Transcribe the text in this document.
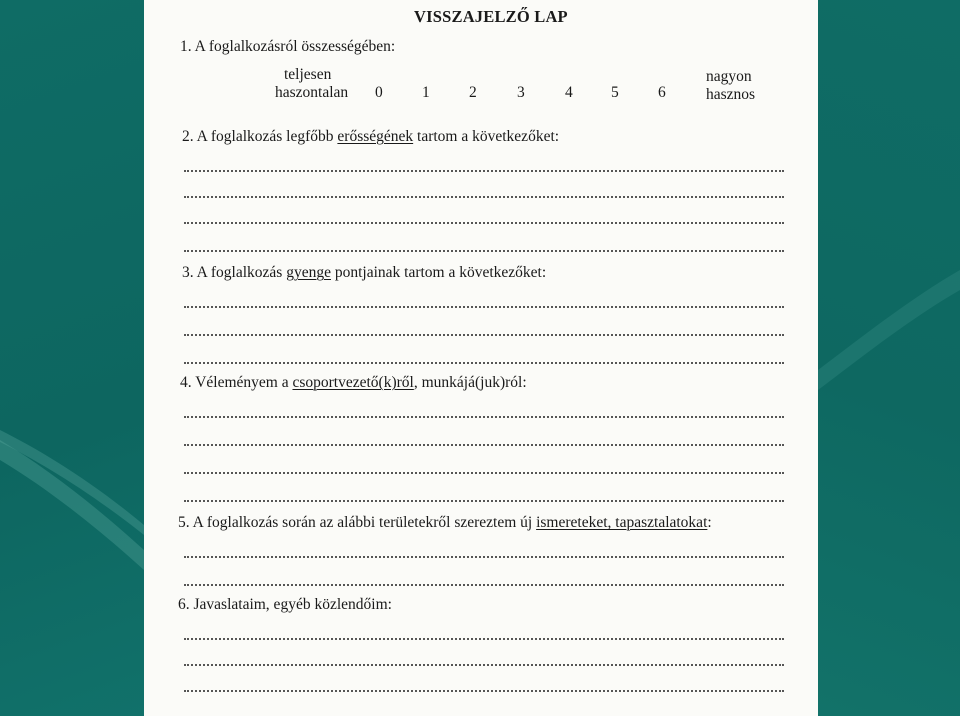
VISSZAJELZŐ LAP
1. A foglalkozásról összességében:
teljesen
haszontalan 0	1	2	3	4 5	6
nagyon
hasznos
2. A foglalkozás legfőbb erősségének tartom a következőket:
3. A foglalkozás gyenge pontjainak tartom a következőket:
4. Véleményem a csoportvezető(k)ről, munkájá(juk)ról:
5. A foglalkozás során az alábbi területekről szereztem új ismereteket, tapasztalatokat:
6. Javaslataim, egyéb közlendőim:
